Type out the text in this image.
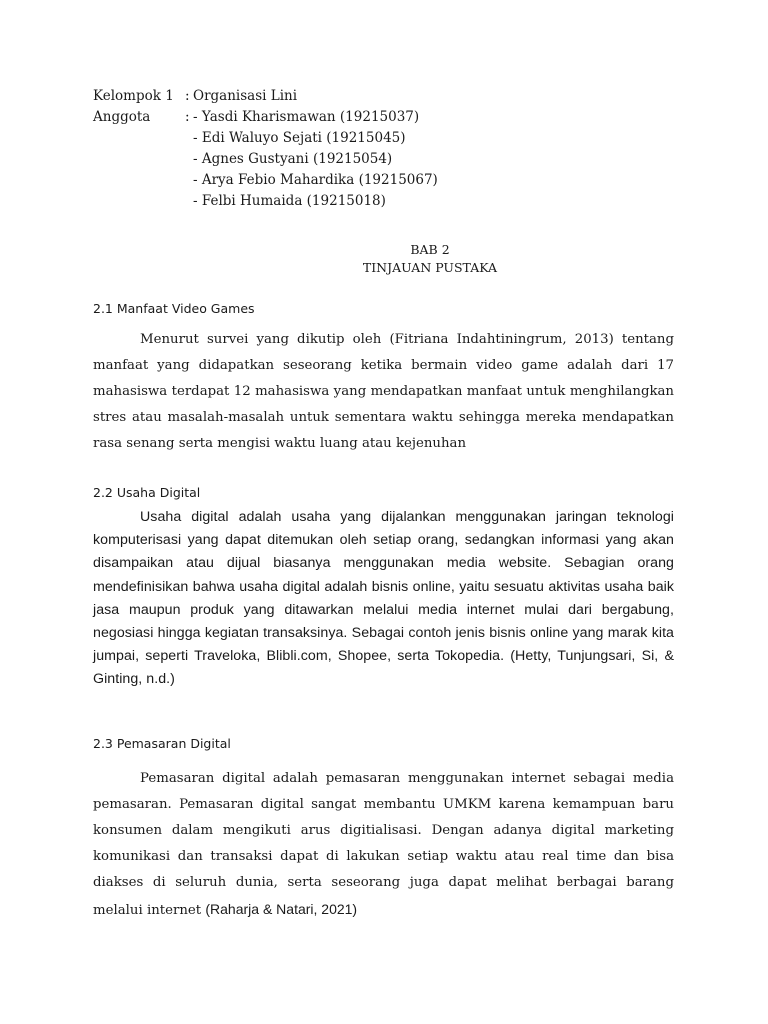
Kelompok 1 : Organisasi Lini
Anggota	: - Yasdi Kharismawan (19215037)
- Edi Waluyo Sejati (19215045)
- Agnes Gustyani (19215054)
- Arya Febio Mahardika (19215067)
- Felbi Humaida (19215018)
BAB 2
TINJAUAN PUSTAKA
2.1 Manfaat Video Games

Menurut survei yang dikutip oleh (Fitriana Indahtiningrum, 2013) tentang manfaat yang didapatkan seseorang ketika bermain video game adalah dari 17 mahasiswa terdapat 12 mahasiswa yang mendapatkan manfaat untuk menghilangkan stres atau masalah-masalah untuk sementara waktu sehingga mereka mendapatkan rasa senang serta mengisi waktu luang atau kejenuhan

2.2 Usaha Digital

Usaha digital adalah usaha yang dijalankan menggunakan jaringan teknologi komputerisasi yang dapat ditemukan oleh setiap orang, sedangkan informasi yang akan disampaikan atau dijual biasanya menggunakan media website. Sebagian orang mendefinisikan bahwa usaha digital adalah bisnis online, yaitu sesuatu aktivitas usaha baik jasa maupun produk yang ditawarkan melalui media internet mulai dari bergabung, negosiasi hingga kegiatan transaksinya. Sebagai contoh jenis bisnis online yang marak kita jumpai, seperti Traveloka, Blibli.com, Shopee, serta Tokopedia. (Hetty, Tunjungsari, Si, & Ginting, n.d.)

2.3 Pemasaran Digital

Pemasaran digital adalah pemasaran menggunakan internet sebagai media pemasaran. Pemasaran digital sangat membantu UMKM karena kemampuan baru konsumen dalam mengikuti arus digitialisasi. Dengan adanya digital marketing komunikasi dan transaksi dapat di lakukan setiap waktu atau real time dan bisa diakses di seluruh dunia, serta seseorang juga dapat melihat berbagai barang melalui internet (Raharja & Natari, 2021)
